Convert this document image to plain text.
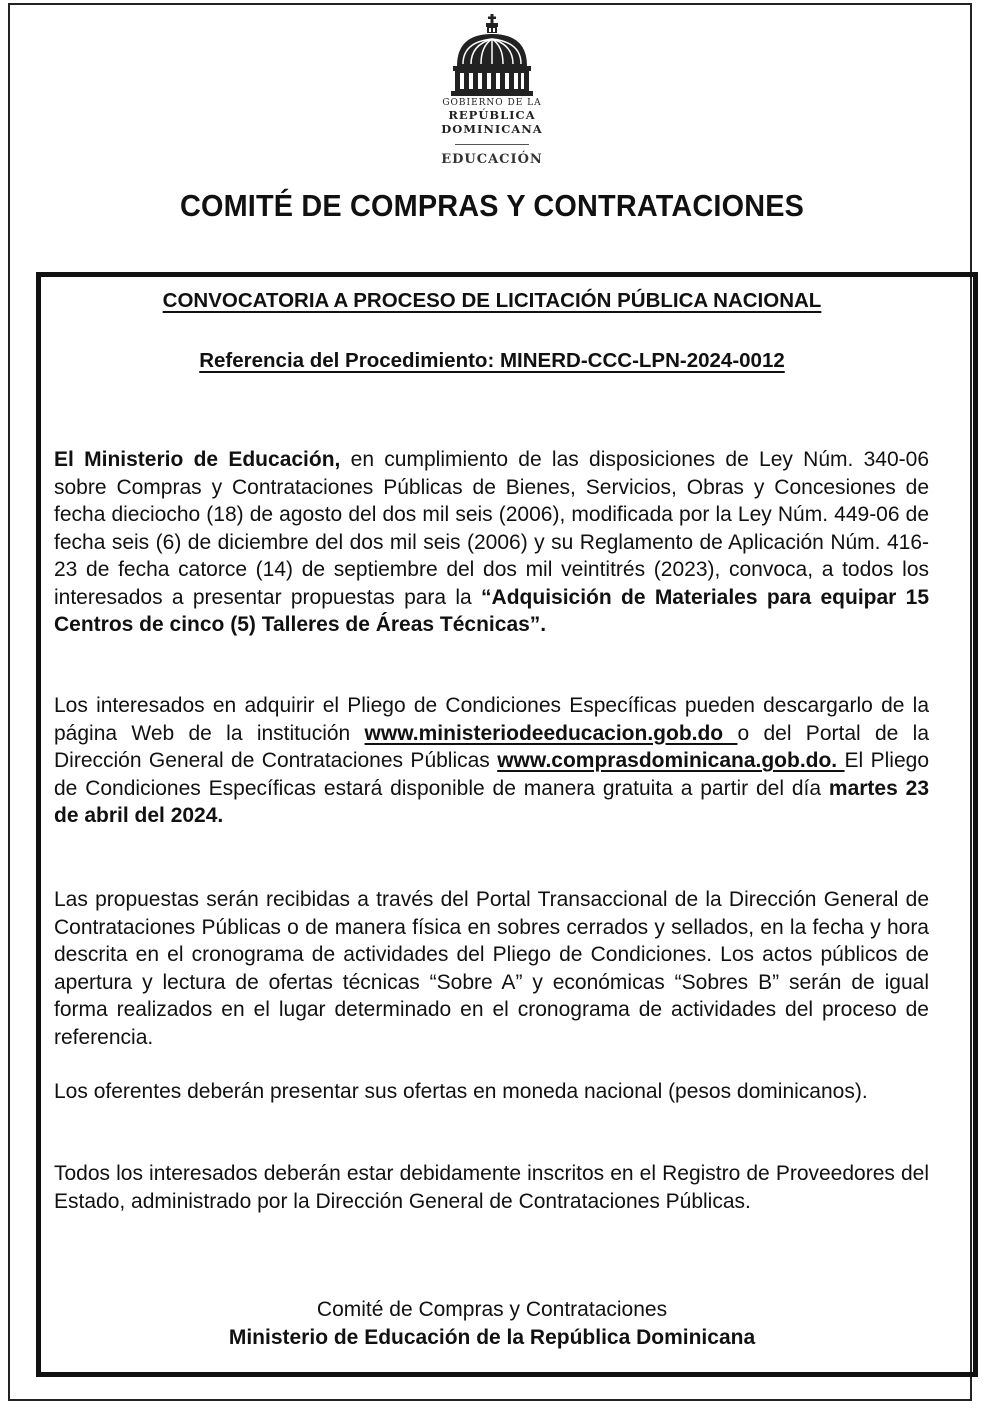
GOBIERNO DE LA
REPÚBLICA DOMINICANA
EDUCACIÓN
COMITÉ DE COMPRAS Y CONTRATACIONES
CONVOCATORIA A PROCESO DE LICITACIÓN PÚBLICA NACIONAL
Referencia del Procedimiento: MINERD-CCC-LPN-2024-0012
El Ministerio de Educación, en cumplimiento de las disposiciones de Ley Núm. 340-06 sobre Compras y Contrataciones Públicas de Bienes, Servicios, Obras y Concesiones de fecha dieciocho (18) de agosto del dos mil seis (2006), modificada por la Ley Núm. 449-06 de fecha seis (6) de diciembre del dos mil seis (2006) y su Reglamento de Aplicación Núm. 416-23 de fecha catorce (14) de septiembre del dos mil veintitrés (2023), convoca, a todos los interesados a presentar propuestas para la “Adquisición de Materiales para equipar 15 Centros de cinco (5) Talleres de Áreas Técnicas”.
Los interesados en adquirir el Pliego de Condiciones Específicas pueden descargarlo de la página Web de la institución www.ministeriodeeducacion.gob.do o del Portal de la Dirección General de Contrataciones Públicas www.comprasdominicana.gob.do. El Pliego de Condiciones Específicas estará disponible de manera gratuita a partir del día martes 23 de abril del 2024.
Las propuestas serán recibidas a través del Portal Transaccional de la Dirección General de Contrataciones Públicas o de manera física en sobres cerrados y sellados, en la fecha y hora descrita en el cronograma de actividades del Pliego de Condiciones. Los actos públicos de apertura y lectura de ofertas técnicas “Sobre A” y económicas “Sobres B” serán de igual forma realizados en el lugar determinado en el cronograma de actividades del proceso de referencia.
Los oferentes deberán presentar sus ofertas en moneda nacional (pesos dominicanos).
Todos los interesados deberán estar debidamente inscritos en el Registro de Proveedores del Estado, administrado por la Dirección General de Contrataciones Públicas.
Comité de Compras y Contrataciones
Ministerio de Educación de la República Dominicana
